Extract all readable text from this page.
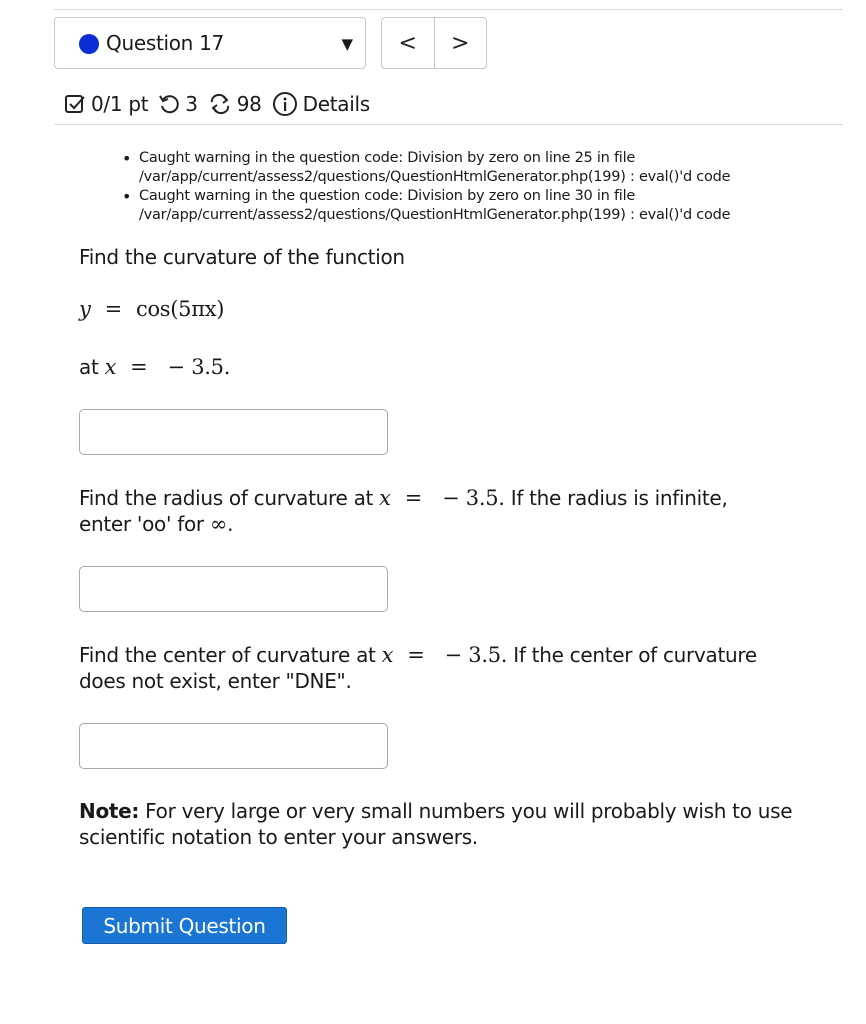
Question 17	▼	<	>
0/1 pt 3 98 Details
• Caught warning in the question code: Division by zero on line 25 in file
/var/app/current/assess2/questions/QuestionHtmlGenerator.php(199) : eval()'d code
• Caught warning in the question code: Division by zero on line 30 in file
/var/app/current/assess2/questions/QuestionHtmlGenerator.php(199) : eval()'d code
Find the curvature of the function
y = cos(5πx)
at x = − 3.5.
Find the radius of curvature at x = − 3.5. If the radius is infinite,
enter 'oo' for ∞.
Find the center of curvature at x = − 3.5. If the center of curvature
does not exist, enter "DNE".
Note: For very large or very small numbers you will probably wish to use
scientific notation to enter your answers.
Submit Question
